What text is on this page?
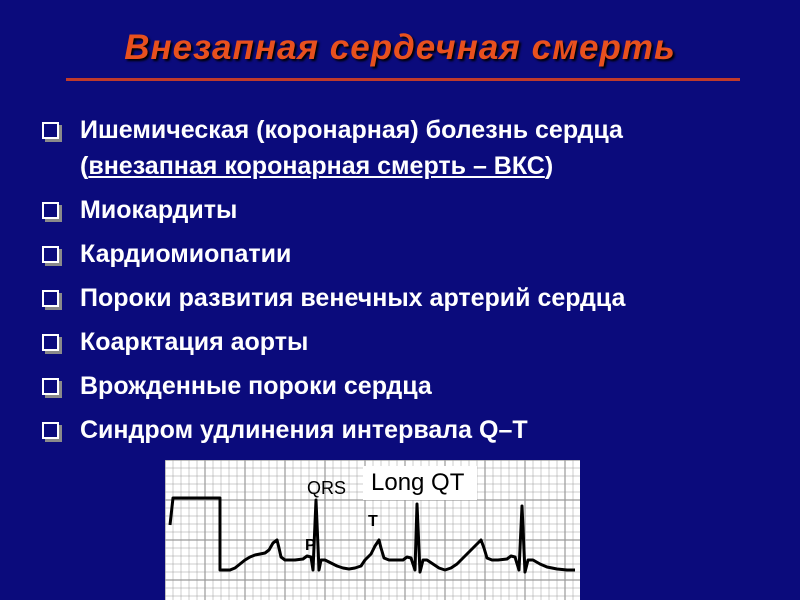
Внезапная сердечная смерть
Ишемическая (коронарная) болезнь сердца
(внезапная коронарная смерть – ВКС)
Миокардиты
Кардиомиопатии
Пороки развития венечных артерий сердца
Коарктация аорты
Врожденные пороки сердца
Синдром удлинения интервала Q–T
QRS Long QT
T
P
